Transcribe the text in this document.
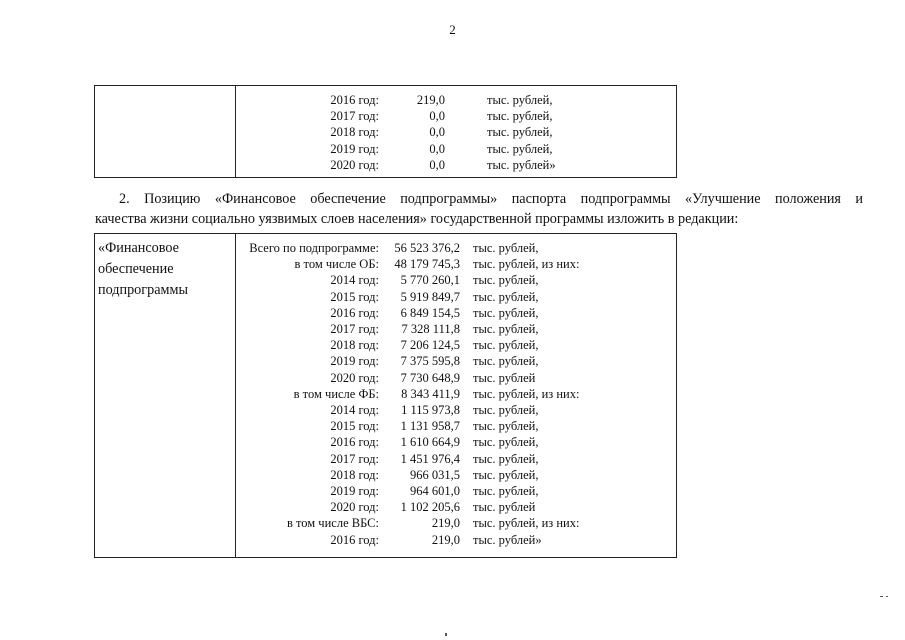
2
2016 год:	219,0	тыс. рублей,
2017 год:	0,0	тыс. рублей,
2018 год:	0,0	тыс. рублей,
2019 год:	0,0	тыс. рублей,
2020 год:	0,0	тыс. рублей»
2. Позицию «Финансовое обеспечение подпрограммы» паспорта подпрограммы «Улучшение положения и
качества жизни социально уязвимых слоев населения» государственной программы изложить в редакции:
Всего по подпрограмме: 56 523 376,2 тыс. рублей,
в том числе ОБ: 48 179 745,3 тыс. рублей, из них:
2014 год: 5 770 260,1 тыс. рублей,
2015 год: 5 919 849,7 тыс. рублей,
2016 год: 6 849 154,5 тыс. рублей,
2017 год: 7 328 111,8 тыс. рублей,
2018 год: 7 206 124,5 тыс. рублей,
2019 год: 7 375 595,8 тыс. рублей,
2020 год: 7 730 648,9 тыс. рублей
в том числе ФБ: 8 343 411,9 тыс. рублей, из них:
2014 год: 1 115 973,8 тыс. рублей,
2015 год: 1 131 958,7 тыс. рублей,
2016 год: 1 610 664,9 тыс. рублей,
2017 год: 1 451 976,4 тыс. рублей,
2018 год: 966 031,5 тыс. рублей,
2019 год: 964 601,0 тыс. рублей,
2020 год: 1 102 205,6 тыс. рублей
в том числе ВБС:	219,0 тыс. рублей, из них:
2016 год:	219,0 тыс. рублей»
«Финансовое
обеспечение
подпрограммы
